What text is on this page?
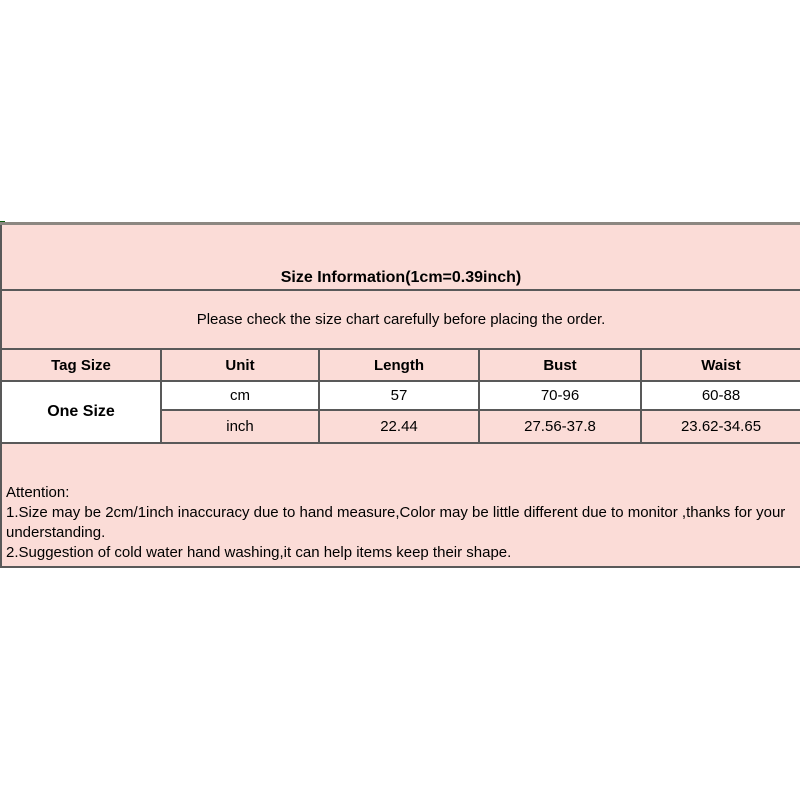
Size Information(1cm=0.39inch)				
Please check the size chart carefully before placing the order.				
Tag Size	Unit	Length	Bust	Waist
One Size	cm	57	70-96	60-88
	inch	22.44	27.56-37.8	23.62-34.65

Attention:
1.Size may be 2cm/1inch inaccuracy due to hand measure,Color may be little different due to monitor ,thanks for your understanding.
2.Suggestion of cold water hand washing,it can help items keep their shape.				
